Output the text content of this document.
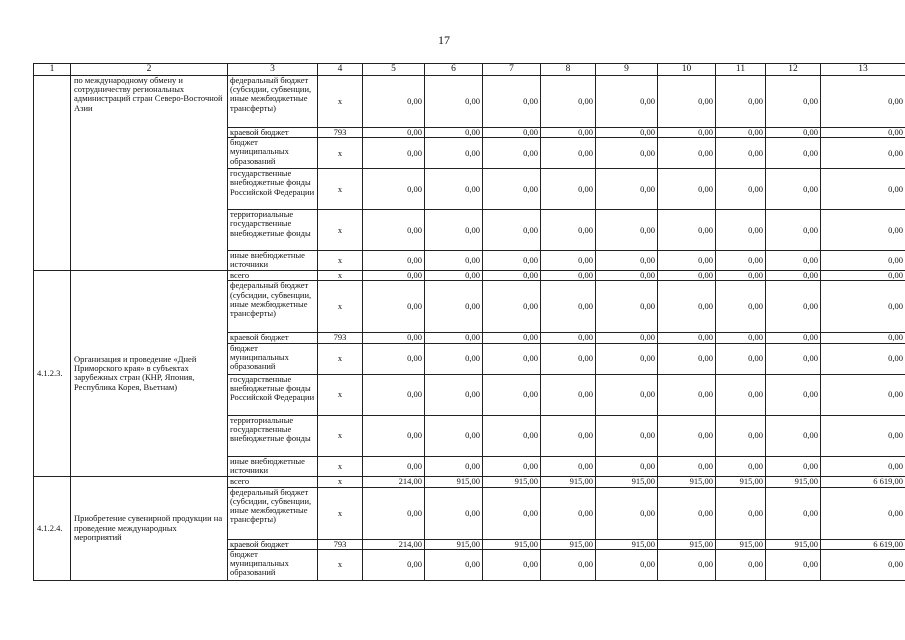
17
1	2	3	4	5	6	7	8	9	10	11	12	13
	по международному обмену и сотрудничеству региональных администраций стран Северо-Восточной Азии	федеральный бюджет (субсидии, субвенции, иные межбюджетные трансферты)	x	0,00	0,00	0,00	0,00	0,00	0,00	0,00	0,00	0,00
		краевой бюджет	793	0,00	0,00	0,00	0,00	0,00	0,00	0,00	0,00	0,00
		бюджет муниципальных образований	x	0,00	0,00	0,00	0,00	0,00	0,00	0,00	0,00	0,00
		государственные внебюджетные фонды Российской Федерации	x	0,00	0,00	0,00	0,00	0,00	0,00	0,00	0,00	0,00
		территориальные государственные внебюджетные фонды	x	0,00	0,00	0,00	0,00	0,00	0,00	0,00	0,00	0,00
		иные внебюджетные источники	x	0,00	0,00	0,00	0,00	0,00	0,00	0,00	0,00	0,00
4.1.2.3.	Организация и проведение «Дней Приморского края» в субъектах зарубежных стран (КНР, Япония, Республика Корея, Вьетнам)	всего	x	0,00	0,00	0,00	0,00	0,00	0,00	0,00	0,00	0,00
		федеральный бюджет (субсидии, субвенции, иные межбюджетные трансферты)	x	0,00	0,00	0,00	0,00	0,00	0,00	0,00	0,00	0,00
		краевой бюджет	793	0,00	0,00	0,00	0,00	0,00	0,00	0,00	0,00	0,00
		бюджет муниципальных образований	x	0,00	0,00	0,00	0,00	0,00	0,00	0,00	0,00	0,00
		государственные внебюджетные фонды Российской Федерации	x	0,00	0,00	0,00	0,00	0,00	0,00	0,00	0,00	0,00
		территориальные государственные внебюджетные фонды	x	0,00	0,00	0,00	0,00	0,00	0,00	0,00	0,00	0,00
		иные внебюджетные источники	x	0,00	0,00	0,00	0,00	0,00	0,00	0,00	0,00	0,00
4.1.2.4.	Приобретение сувенирной продукции на проведение международных мероприятий	всего	x	214,00	915,00	915,00	915,00	915,00	915,00	915,00	915,00	6 619,00
		федеральный бюджет (субсидии, субвенции, иные межбюджетные трансферты)	x	0,00	0,00	0,00	0,00	0,00	0,00	0,00	0,00	0,00
		краевой бюджет	793	214,00	915,00	915,00	915,00	915,00	915,00	915,00	915,00	6 619,00
		бюджет муниципальных образований	x	0,00	0,00	0,00	0,00	0,00	0,00	0,00	0,00	0,00
